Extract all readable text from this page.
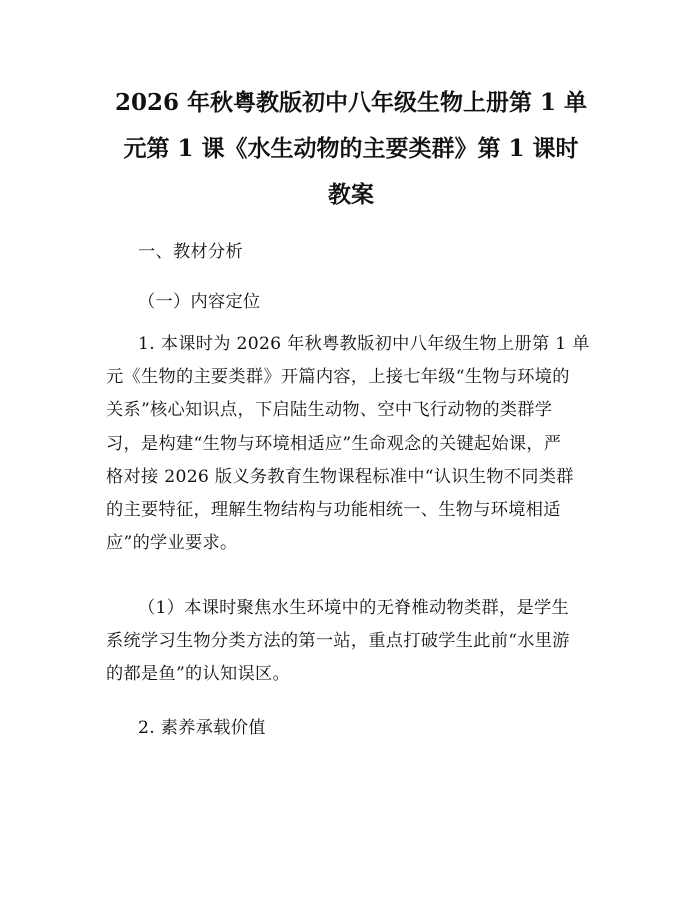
2026 年秋粤教版初中八年级生物上册第 1 单
元第 1 课《水生动物的主要类群》第 1 课时
教案
一、教材分析
（一）内容定位
1. 本课时为 2026 年秋粤教版初中八年级生物上册第 1 单
元《生物的主要类群》开篇内容，上接七年级“生物与环境的
关系”核心知识点，下启陆生动物、空中飞行动物的类群学
习，是构建“生物与环境相适应”生命观念的关键起始课，严
格对接 2026 版义务教育生物课程标准中“认识生物不同类群
的主要特征，理解生物结构与功能相统一、生物与环境相适
应”的学业要求。
（1）本课时聚焦水生环境中的无脊椎动物类群，是学生
系统学习生物分类方法的第一站，重点打破学生此前“水里游
的都是鱼”的认知误区。
2. 素养承载价值
